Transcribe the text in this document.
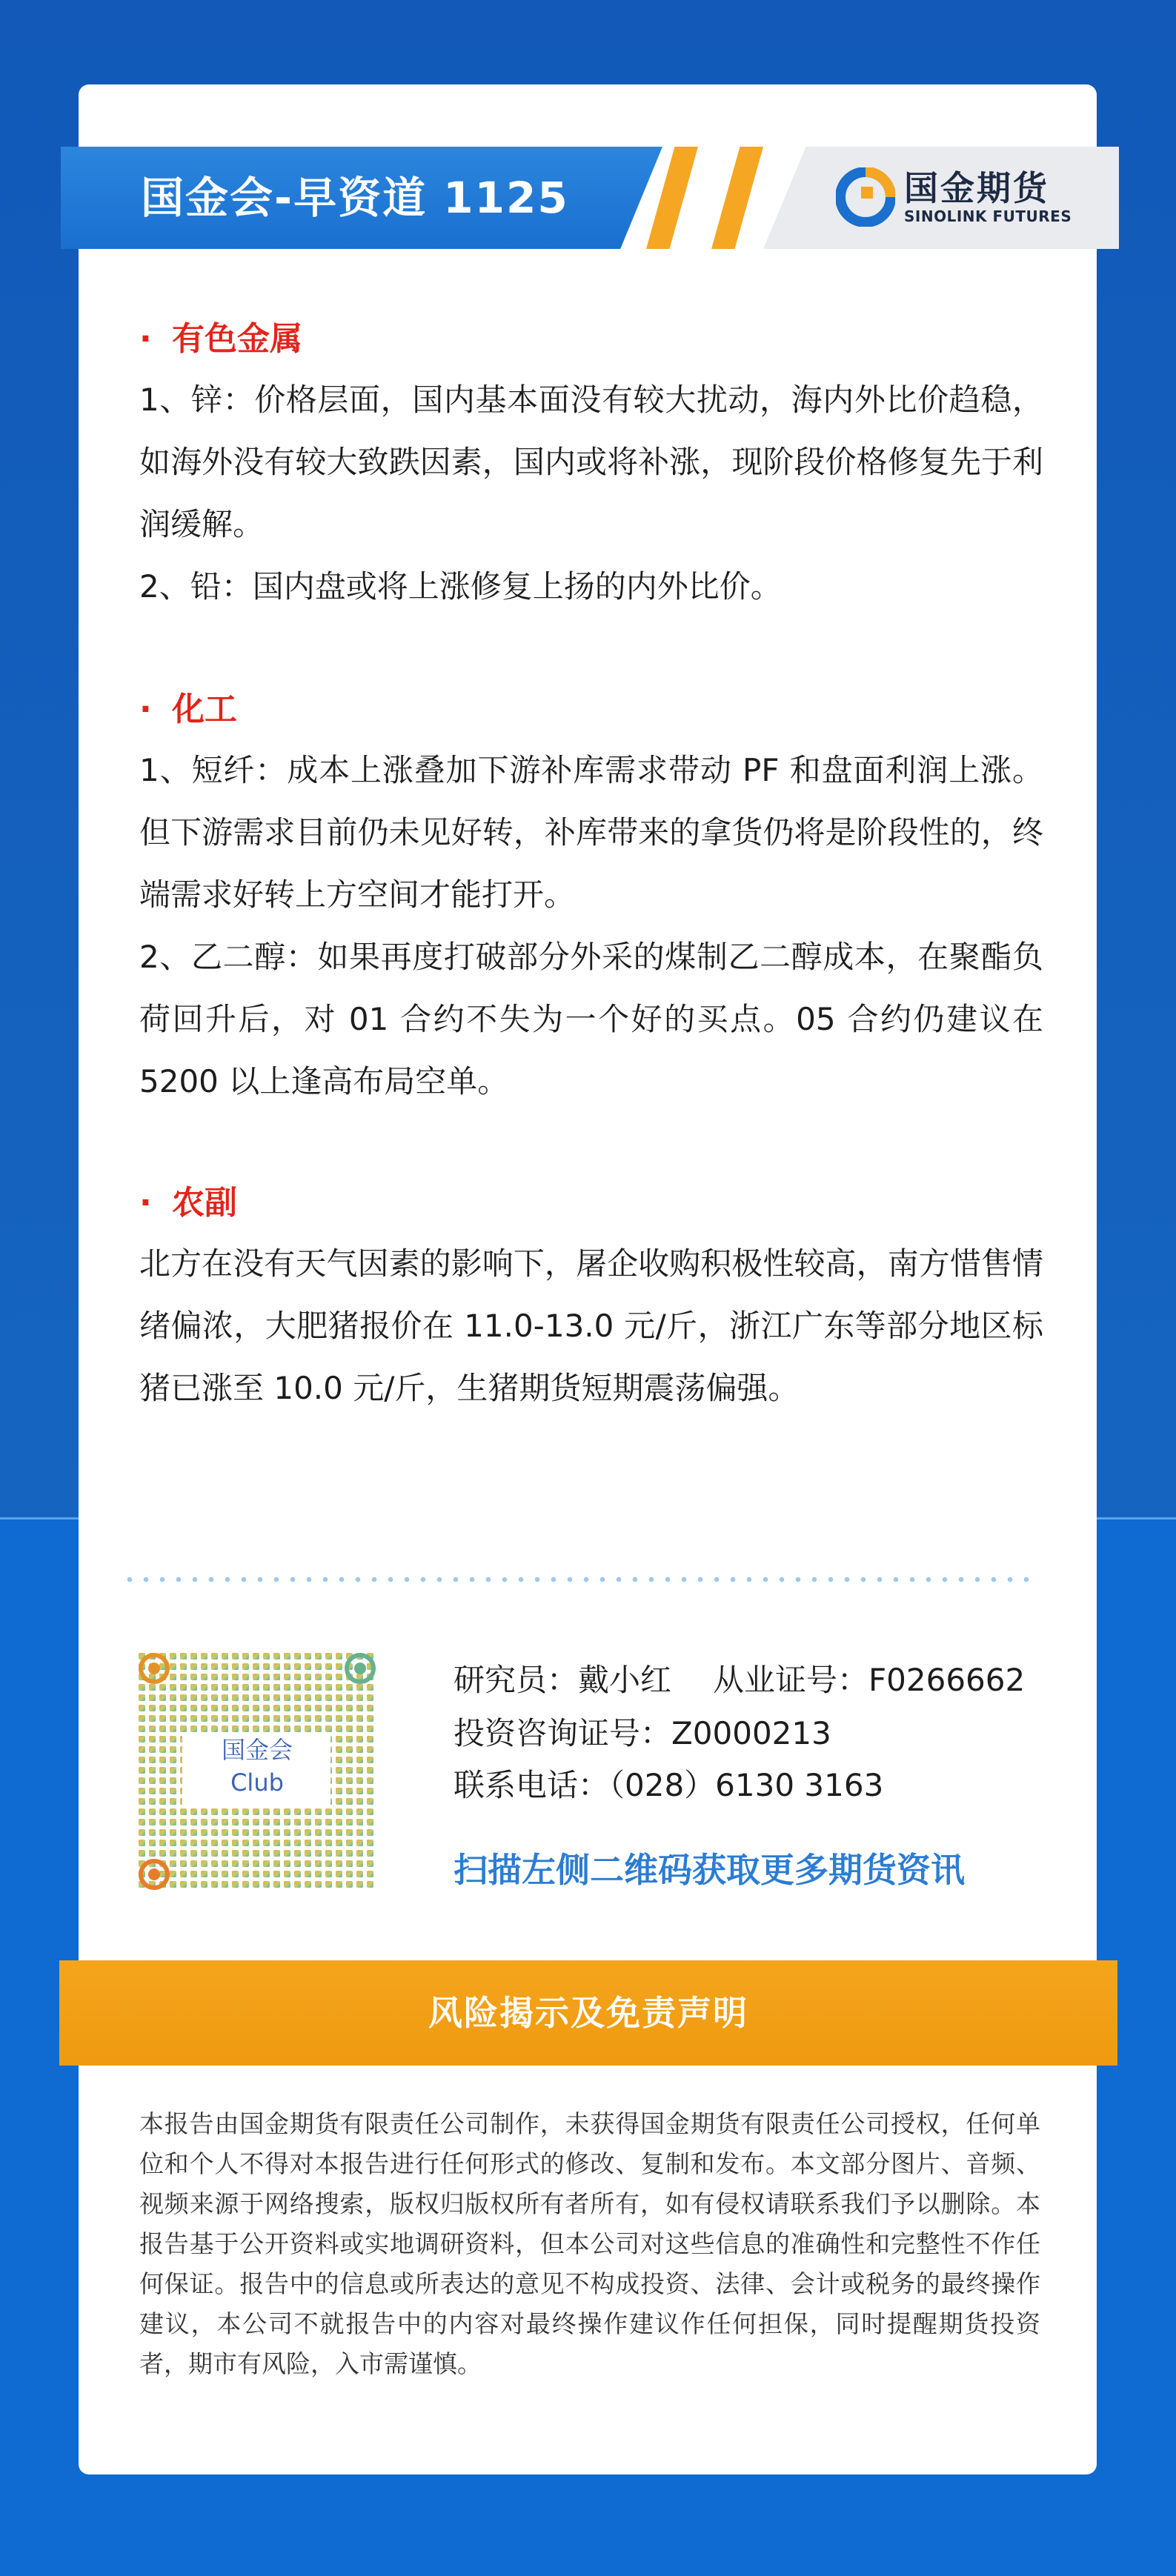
国金会-早资道 1125	国金期货
SINOLINK FUTURES

· 有色金属

1、锌：价格层面，国内基本面没有较大扰动，海内外比价趋稳，如海外没有较大致跌因素，国内或将补涨，现阶段价格修复先于利润缓解。

2、铅：国内盘或将上涨修复上扬的内外比价。

· 化工

1、短纤：成本上涨叠加下游补库需求带动 PF 和盘面利润上涨。但下游需求目前仍未见好转，补库带来的拿货仍将是阶段性的，终端需求好转上方空间才能打开。

2、乙二醇：如果再度打破部分外采的煤制乙二醇成本，在聚酯负荷回升后，对 01 合约不失为一个好的买点。05 合约仍建议在 5200 以上逢高布局空单。

· 农副

北方在没有天气因素的影响下，屠企收购积极性较高，南方惜售情绪偏浓，大肥猪报价在 11.0-13.0 元/斤，浙江广东等部分地区标猪已涨至 10.0 元/斤，生猪期货短期震荡偏强。

国金会
Club
研究员：戴小红 从业证号：F0266662
投资咨询证号：Z0000213
联系电话：（028）6130 3163
扫描左侧二维码获取更多期货资讯
风险揭示及免责声明

本报告由国金期货有限责任公司制作，未获得国金期货有限责任公司授权，任何单位和个人不得对本报告进行任何形式的修改、复制和发布。本文部分图片、音频、视频来源于网络搜索，版权归版权所有者所有，如有侵权请联系我们予以删除。本报告基于公开资料或实地调研资料，但本公司对这些信息的准确性和完整性不作任何保证。报告中的信息或所表达的意见不构成投资、法律、会计或税务的最终操作建议，本公司不就报告中的内容对最终操作建议作任何担保，同时提醒期货投资者，期市有风险，入市需谨慎。
